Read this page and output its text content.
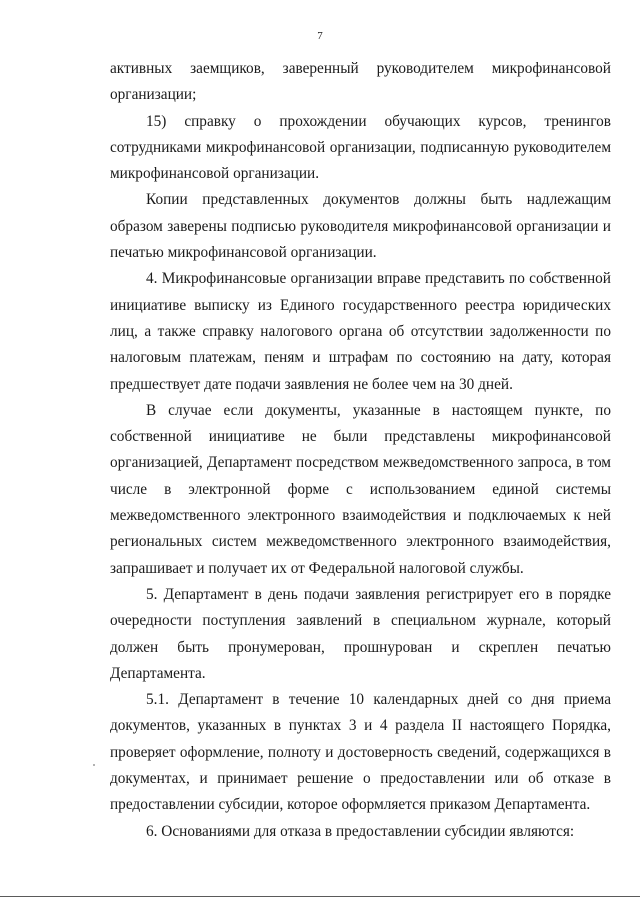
7

активных заемщиков, заверенный руководителем микрофинансовой организации;

15) справку о прохождении обучающих курсов, тренингов сотрудниками микрофинансовой организации, подписанную руководителем микрофинансовой организации.

Копии представленных документов должны быть надлежащим образом заверены подписью руководителя микрофинансовой организации и печатью микрофинансовой организации.

4. Микрофинансовые организации вправе представить по собственной инициативе выписку из Единого государственного реестра юридических лиц, а также справку налогового органа об отсутствии задолженности по налоговым платежам, пеням и штрафам по состоянию на дату, которая предшествует дате подачи заявления не более чем на 30 дней.

В случае если документы, указанные в настоящем пункте, по собственной инициативе не были представлены микрофинансовой организацией, Департамент посредством межведомственного запроса, в том числе в электронной форме с использованием единой системы межведомственного электронного взаимодействия и подключаемых к ней региональных систем межведомственного электронного взаимодействия, запрашивает и получает их от Федеральной налоговой службы.

5. Департамент в день подачи заявления регистрирует его в порядке очередности поступления заявлений в специальном журнале, который должен быть пронумерован, прошнурован и скреплен печатью Департамента.

5.1. Департамент в течение 10 календарных дней со дня приема документов, указанных в пунктах 3 и 4 раздела II настоящего Порядка, проверяет оформление, полноту и достоверность сведений, содержащихся в документах, и принимает решение о предоставлении или об отказе в предоставлении субсидии, которое оформляется приказом Департамента.

6. Основаниями для отказа в предоставлении субсидии являются:
